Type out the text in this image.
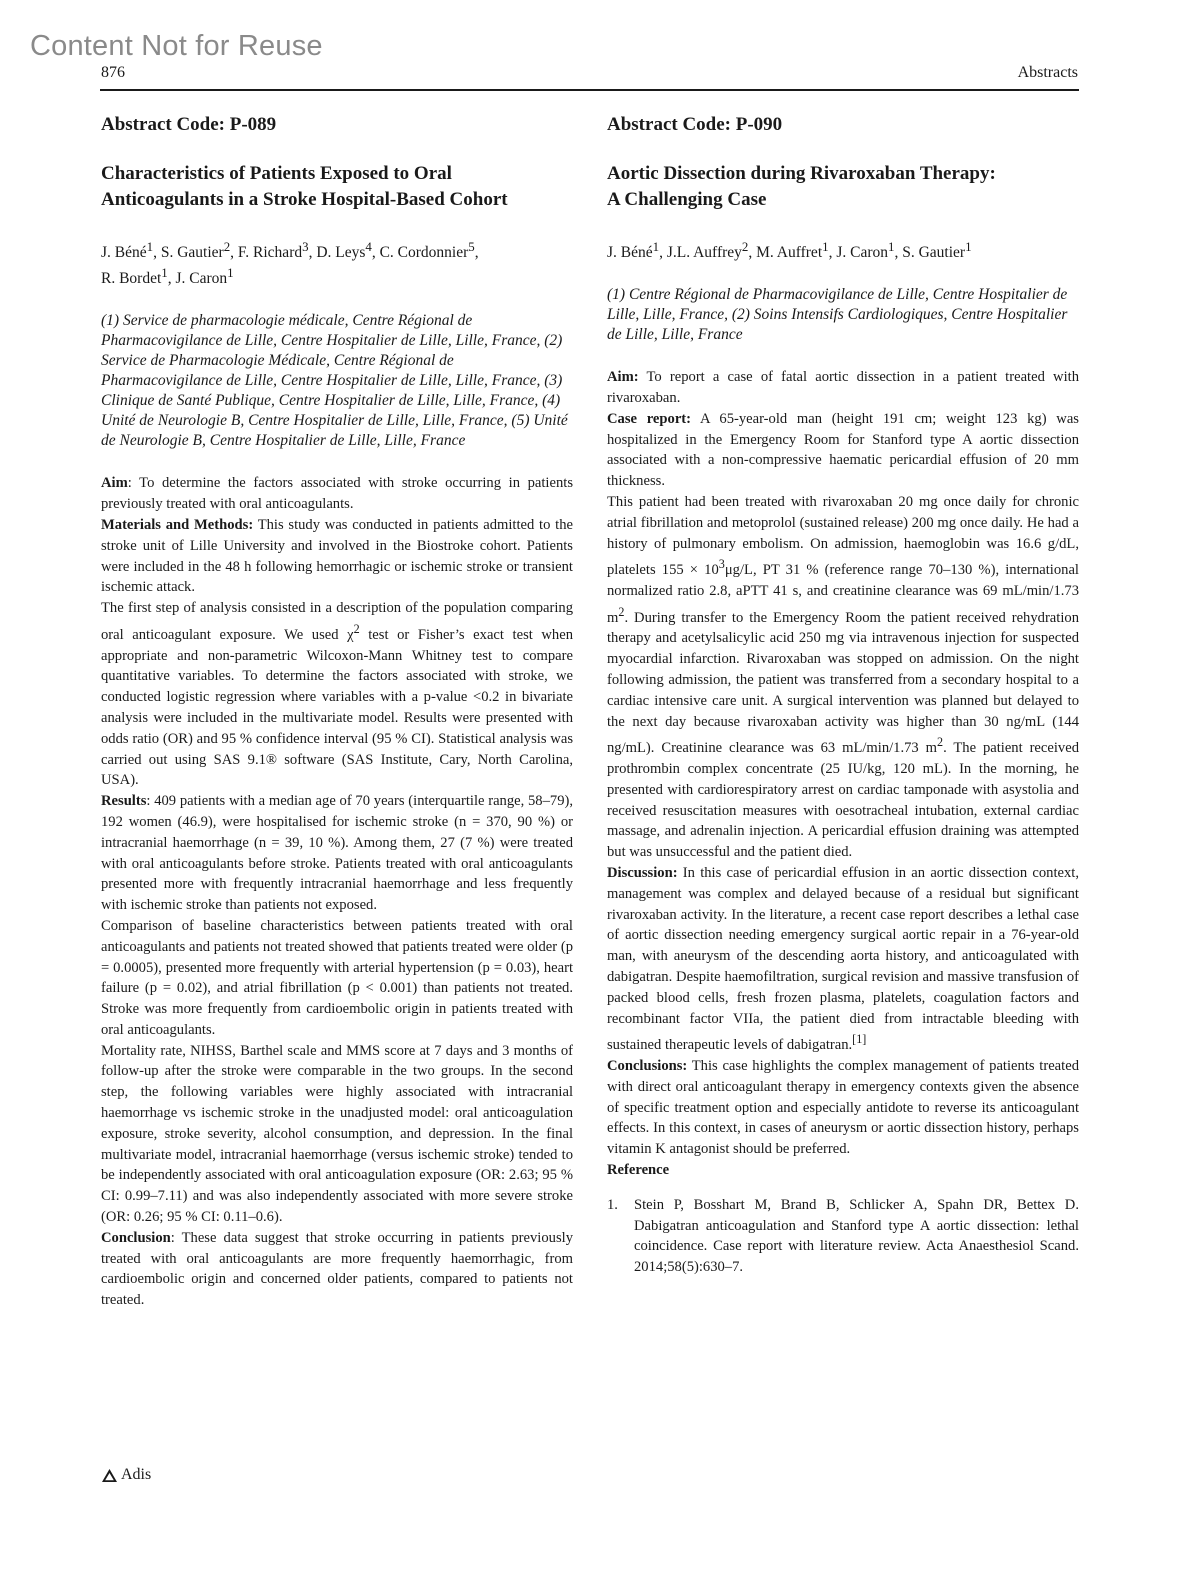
Content Not for Reuse
876	Abstracts

Abstract Code: P-089

Characteristics of Patients Exposed to Oral
Anticoagulants in a Stroke Hospital-Based Cohort

J. Béné$^1$, S. Gautier$^2$, F. Richard$^3$, D. Leys$^4$, C. Cordonnier$^5$,
R. Bordet$^1$, J. Caron$^1$

(1) Service de pharmacologie médicale, Centre Régional de Pharmacovigilance de Lille, Centre Hospitalier de Lille, Lille, France, (2) Service de Pharmacologie Médicale, Centre Régional de Pharmacovigilance de Lille, Centre Hospitalier de Lille, Lille, France, (3) Clinique de Santé Publique, Centre Hospitalier de Lille, Lille, France, (4) Unité de Neurologie B, Centre Hospitalier de Lille, Lille, France, (5) Unité de Neurologie B, Centre Hospitalier de Lille, Lille, France

Aim: To determine the factors associated with stroke occurring in patients previously treated with oral anticoagulants.

Materials and Methods: This study was conducted in patients admitted to the stroke unit of Lille University and involved in the Biostroke cohort. Patients were included in the 48 h following hemorrhagic or ischemic stroke or transient ischemic attack.

The first step of analysis consisted in a description of the population comparing oral anticoagulant exposure. We used $\chi^2$ test or Fisher’s exact test when appropriate and non-parametric Wilcoxon-Mann Whitney test to compare quantitative variables. To determine the factors associated with stroke, we conducted logistic regression where variables with a p-value <0.2 in bivariate analysis were included in the multivariate model. Results were presented with odds ratio (OR) and 95 % confidence interval (95 % CI). Statistical analysis was carried out using SAS 9.1® software (SAS Institute, Cary, North Carolina, USA).

Results: 409 patients with a median age of 70 years (interquartile range, 58–79), 192 women (46.9), were hospitalised for ischemic stroke (n = 370, 90 %) or intracranial haemorrhage (n = 39, 10 %). Among them, 27 (7 %) were treated with oral anticoagulants before stroke. Patients treated with oral anticoagulants presented more with frequently intracranial haemorrhage and less frequently with ischemic stroke than patients not exposed.

Comparison of baseline characteristics between patients treated with oral anticoagulants and patients not treated showed that patients treated were older (p = 0.0005), presented more frequently with arterial hypertension (p = 0.03), heart failure (p = 0.02), and atrial fibrillation (p < 0.001) than patients not treated. Stroke was more frequently from cardioembolic origin in patients treated with oral anticoagulants.

Mortality rate, NIHSS, Barthel scale and MMS score at 7 days and 3 months of follow-up after the stroke were comparable in the two groups. In the second step, the following variables were highly associated with intracranial haemorrhage vs ischemic stroke in the unadjusted model: oral anticoagulation exposure, stroke severity, alcohol consumption, and depression. In the final multivariate model, intracranial haemorrhage (versus ischemic stroke) tended to be independently associated with oral anticoagulation exposure (OR: 2.63; 95 % CI: 0.99–7.11) and was also independently associated with more severe stroke (OR: 0.26; 95 % CI: 0.11–0.6).

Conclusion: These data suggest that stroke occurring in patients previously treated with oral anticoagulants are more frequently haemorrhagic, from cardioembolic origin and concerned older patients, compared to patients not treated.

Abstract Code: P-090

Aortic Dissection during Rivaroxaban Therapy:
A Challenging Case

J. Béné$^1$, J.L. Auffrey$^2$, M. Auffret$^1$, J. Caron$^1$, S. Gautier$^1$

(1) Centre Régional de Pharmacovigilance de Lille, Centre Hospitalier de Lille, Lille, France, (2) Soins Intensifs Cardiologiques, Centre Hospitalier de Lille, Lille, France

Aim: To report a case of fatal aortic dissection in a patient treated with rivaroxaban.

Case report: A 65-year-old man (height 191 cm; weight 123 kg) was hospitalized in the Emergency Room for Stanford type A aortic dissection associated with a non-compressive haematic pericardial effusion of 20 mm thickness.

This patient had been treated with rivaroxaban 20 mg once daily for chronic atrial fibrillation and metoprolol (sustained release) 200 mg once daily. He had a history of pulmonary embolism. On admission, haemoglobin was 16.6 g/dL, platelets $155 \times 10^3\mu g/L$, PT 31 % (reference range 70–130 %), international normalized ratio 2.8, aPTT 41 s, and creatinine clearance was 69 mL/min/1.73 $m^2$. During transfer to the Emergency Room the patient received rehydration therapy and acetylsalicylic acid 250 mg via intravenous injection for suspected myocardial infarction. Rivaroxaban was stopped on admission. On the night following admission, the patient was transferred from a secondary hospital to a cardiac intensive care unit. A surgical intervention was planned but delayed to the next day because rivaroxaban activity was higher than 30 ng/mL (144 ng/mL). Creatinine clearance was 63 mL/min/1.73 $m^2$. The patient received prothrombin complex concentrate (25 IU/kg, 120 mL). In the morning, he presented with cardiorespiratory arrest on cardiac tamponade with asystolia and received resuscitation measures with oesotracheal intubation, external cardiac massage, and adrenalin injection. A pericardial effusion draining was attempted but was unsuccessful and the patient died.

Discussion: In this case of pericardial effusion in an aortic dissection context, management was complex and delayed because of a residual but significant rivaroxaban activity. In the literature, a recent case report describes a lethal case of aortic dissection needing emergency surgical aortic repair in a 76-year-old man, with aneurysm of the descending aorta history, and anticoagulated with dabigatran. Despite haemofiltration, surgical revision and massive transfusion of packed blood cells, fresh frozen plasma, platelets, coagulation factors and recombinant factor VIIa, the patient died from intractable bleeding with sustained therapeutic levels of dabigatran.[1]

Conclusions: This case highlights the complex management of patients treated with direct oral anticoagulant therapy in emergency contexts given the absence of specific treatment option and especially antidote to reverse its anticoagulant effects. In this context, in cases of aneurysm or aortic dissection history, perhaps vitamin K antagonist should be preferred.

Reference

1.	Stein P, Bosshart M, Brand B, Schlicker A, Spahn DR, Bettex D. Dabigatran anticoagulation and Stanford type A aortic dissection: lethal coincidence. Case report with literature review. Acta Anaesthesiol Scand. 2014;58(5):630–7.
Adis
